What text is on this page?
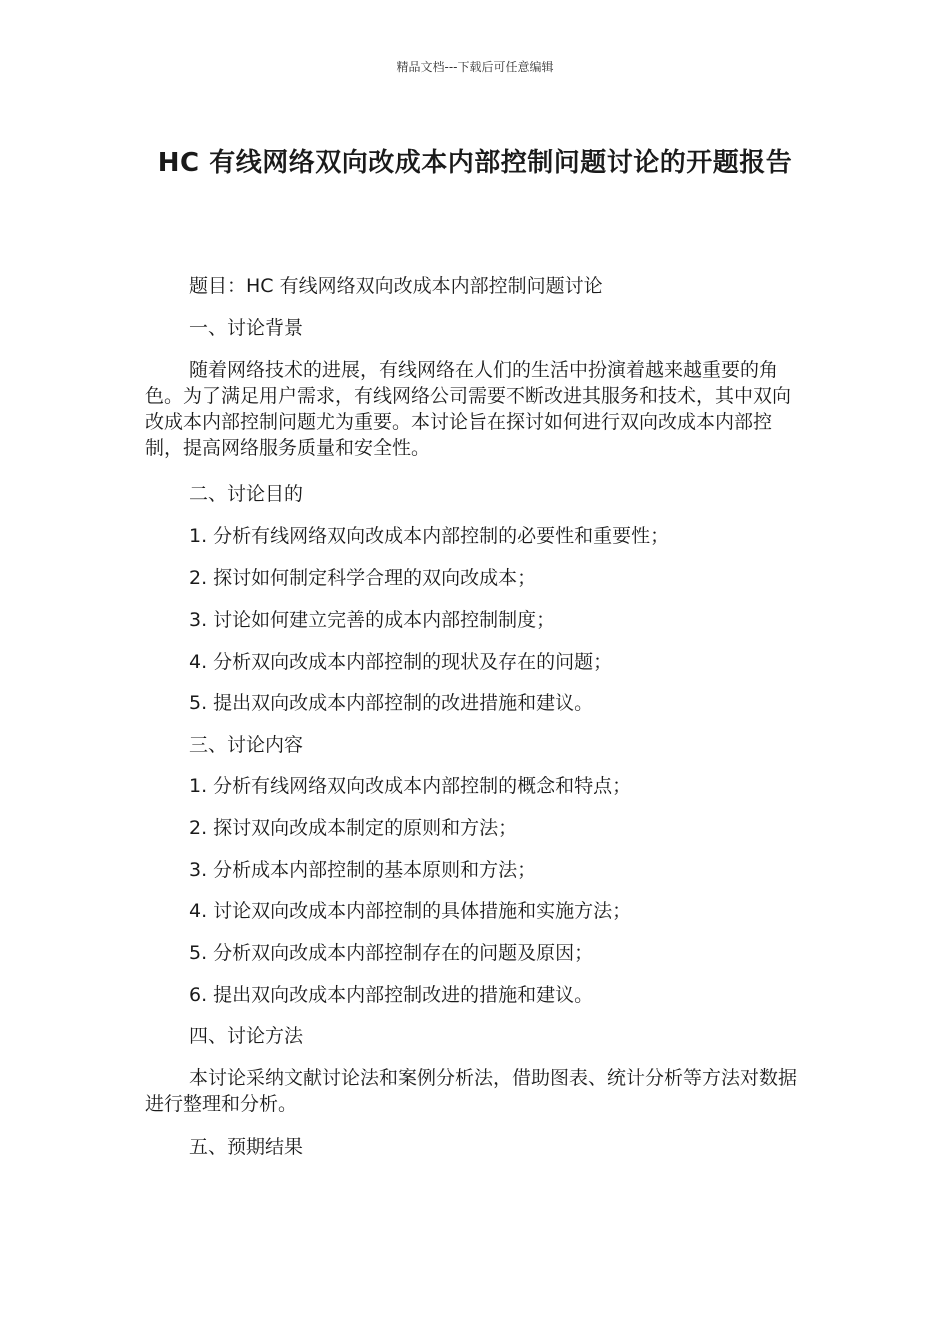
精品文档---下载后可任意编辑
HC 有线网络双向改成本内部控制问题讨论的开题报告
题目：HC 有线网络双向改成本内部控制问题讨论
一、讨论背景
随着网络技术的进展，有线网络在人们的生活中扮演着越来越重要的角色。为了满足用户需求，有线网络公司需要不断改进其服务和技术，其中双向改成本内部控制问题尤为重要。本讨论旨在探讨如何进行双向改成本内部控制，提高网络服务质量和安全性。
二、讨论目的
1. 分析有线网络双向改成本内部控制的必要性和重要性；
2. 探讨如何制定科学合理的双向改成本；
3. 讨论如何建立完善的成本内部控制制度；
4. 分析双向改成本内部控制的现状及存在的问题；
5. 提出双向改成本内部控制的改进措施和建议。
三、讨论内容
1. 分析有线网络双向改成本内部控制的概念和特点；
2. 探讨双向改成本制定的原则和方法；
3. 分析成本内部控制的基本原则和方法；
4. 讨论双向改成本内部控制的具体措施和实施方法；
5. 分析双向改成本内部控制存在的问题及原因；
6. 提出双向改成本内部控制改进的措施和建议。
四、讨论方法
本讨论采纳文献讨论法和案例分析法，借助图表、统计分析等方法对数据进行整理和分析。
五、预期结果
